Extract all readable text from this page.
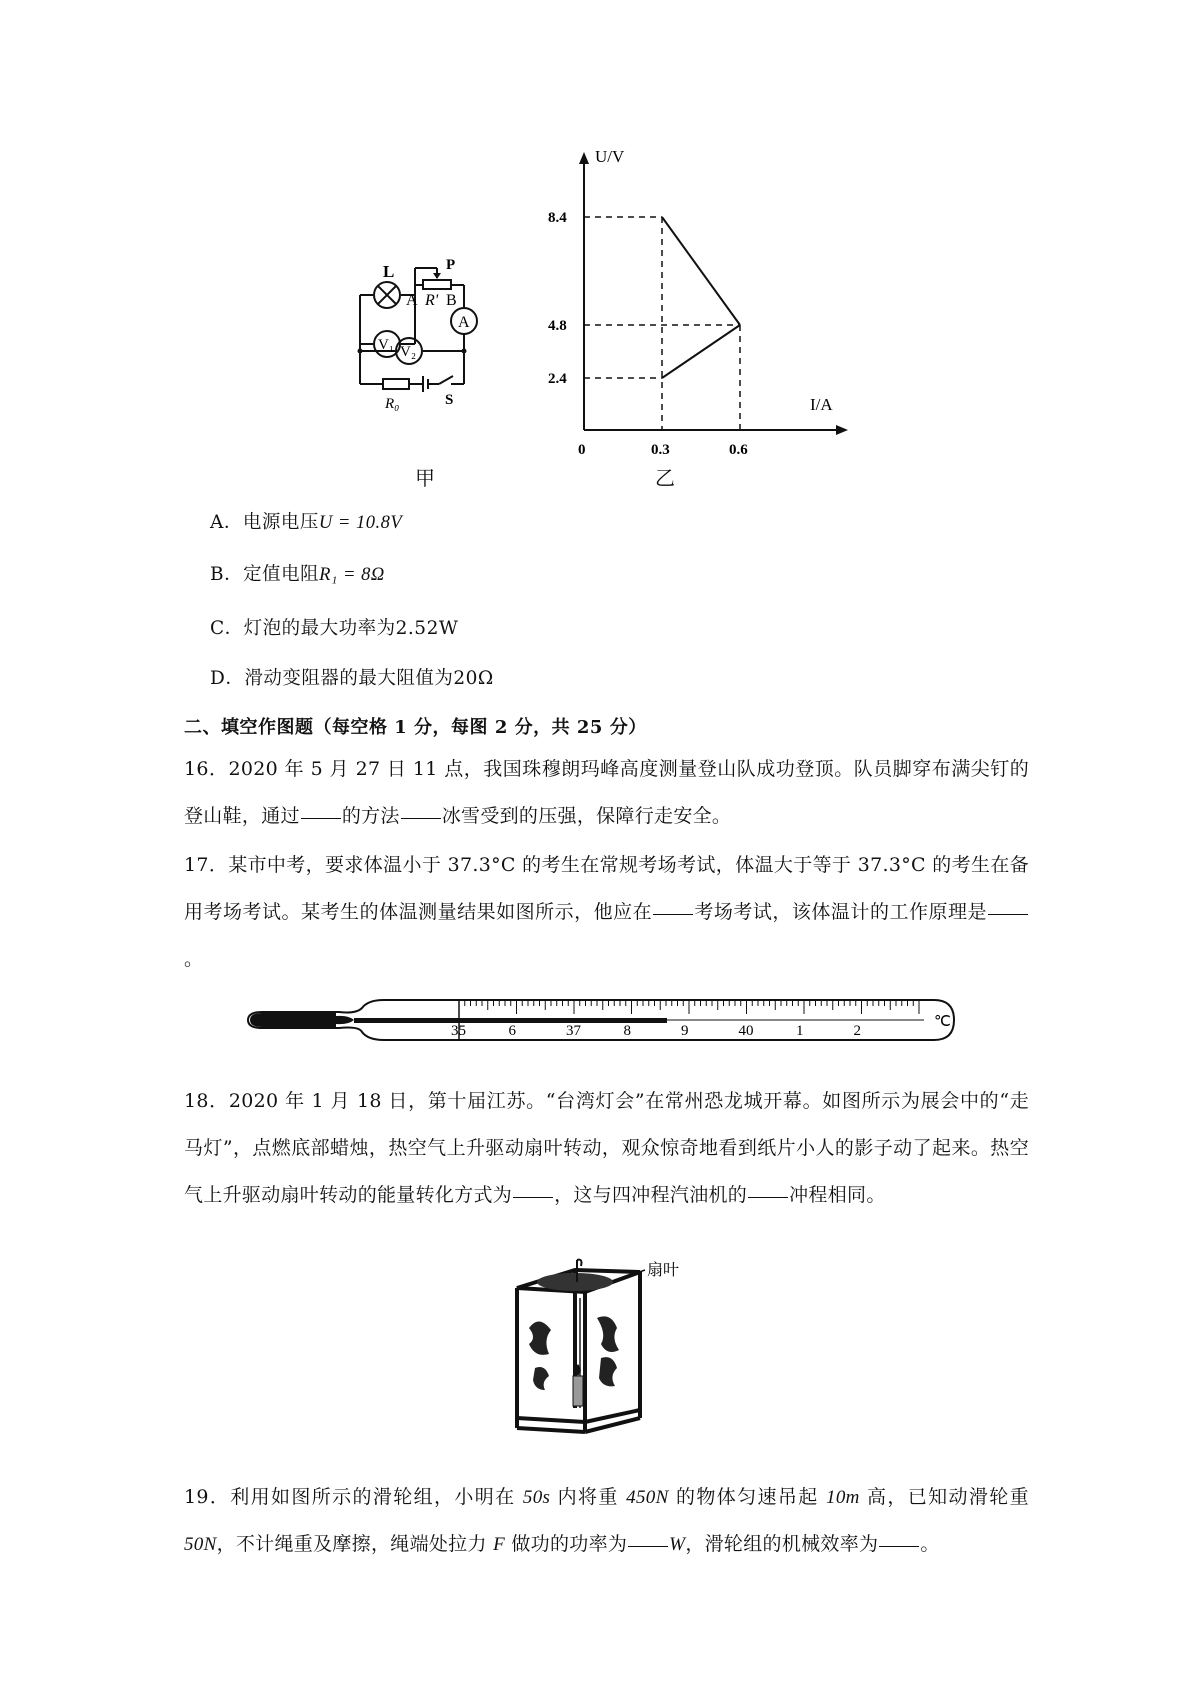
L	P
A R' B
A
V₁ V₂
R₀	S
甲
U/V
I/A
0
8.4
4.8
2.4
0.3	0.6
乙
A．电源电压U = 10.8V
B．定值电阻R₁ = 8Ω
C．灯泡的最大功率为2.52W
D．滑动变阻器的最大阻值为20Ω
二、填空作图题（每空格 1 分，每图 2 分，共 25 分）
16．2020 年 5 月 27 日 11 点，我国珠穆朗玛峰高度测量登山队成功登顶。队员脚穿布满尖钉的登山鞋，通过 的方法 冰雪受到的压强，保障行走安全。
17．某市中考，要求体温小于 37.3°C 的考生在常规考场考试，体温大于等于 37.3°C 的考生在备用考场考试。某考生的体温测量结果如图所示，他应在 考场考试，该体温计的工作原理是。
35	6	37	8	9	40	1	2
℃
18．2020 年 1 月 18 日，第十届江苏。“台湾灯会”在常州恐龙城开幕。如图所示为展会中的“走马灯”，点燃底部蜡烛，热空气上升驱动扇叶转动，观众惊奇地看到纸片小人的影子动了起来。热空气上升驱动扇叶转动的能量转化方式为 ，这与四冲程汽油机的 冲程相同。
扇叶
19．利用如图所示的滑轮组，小明在 50s 内将重 450N 的物体匀速吊起 10m 高，已知动滑轮重 50N，不计绳重及摩擦，绳端处拉力 F 做功的功率为 W，滑轮组的机械效率为 。
